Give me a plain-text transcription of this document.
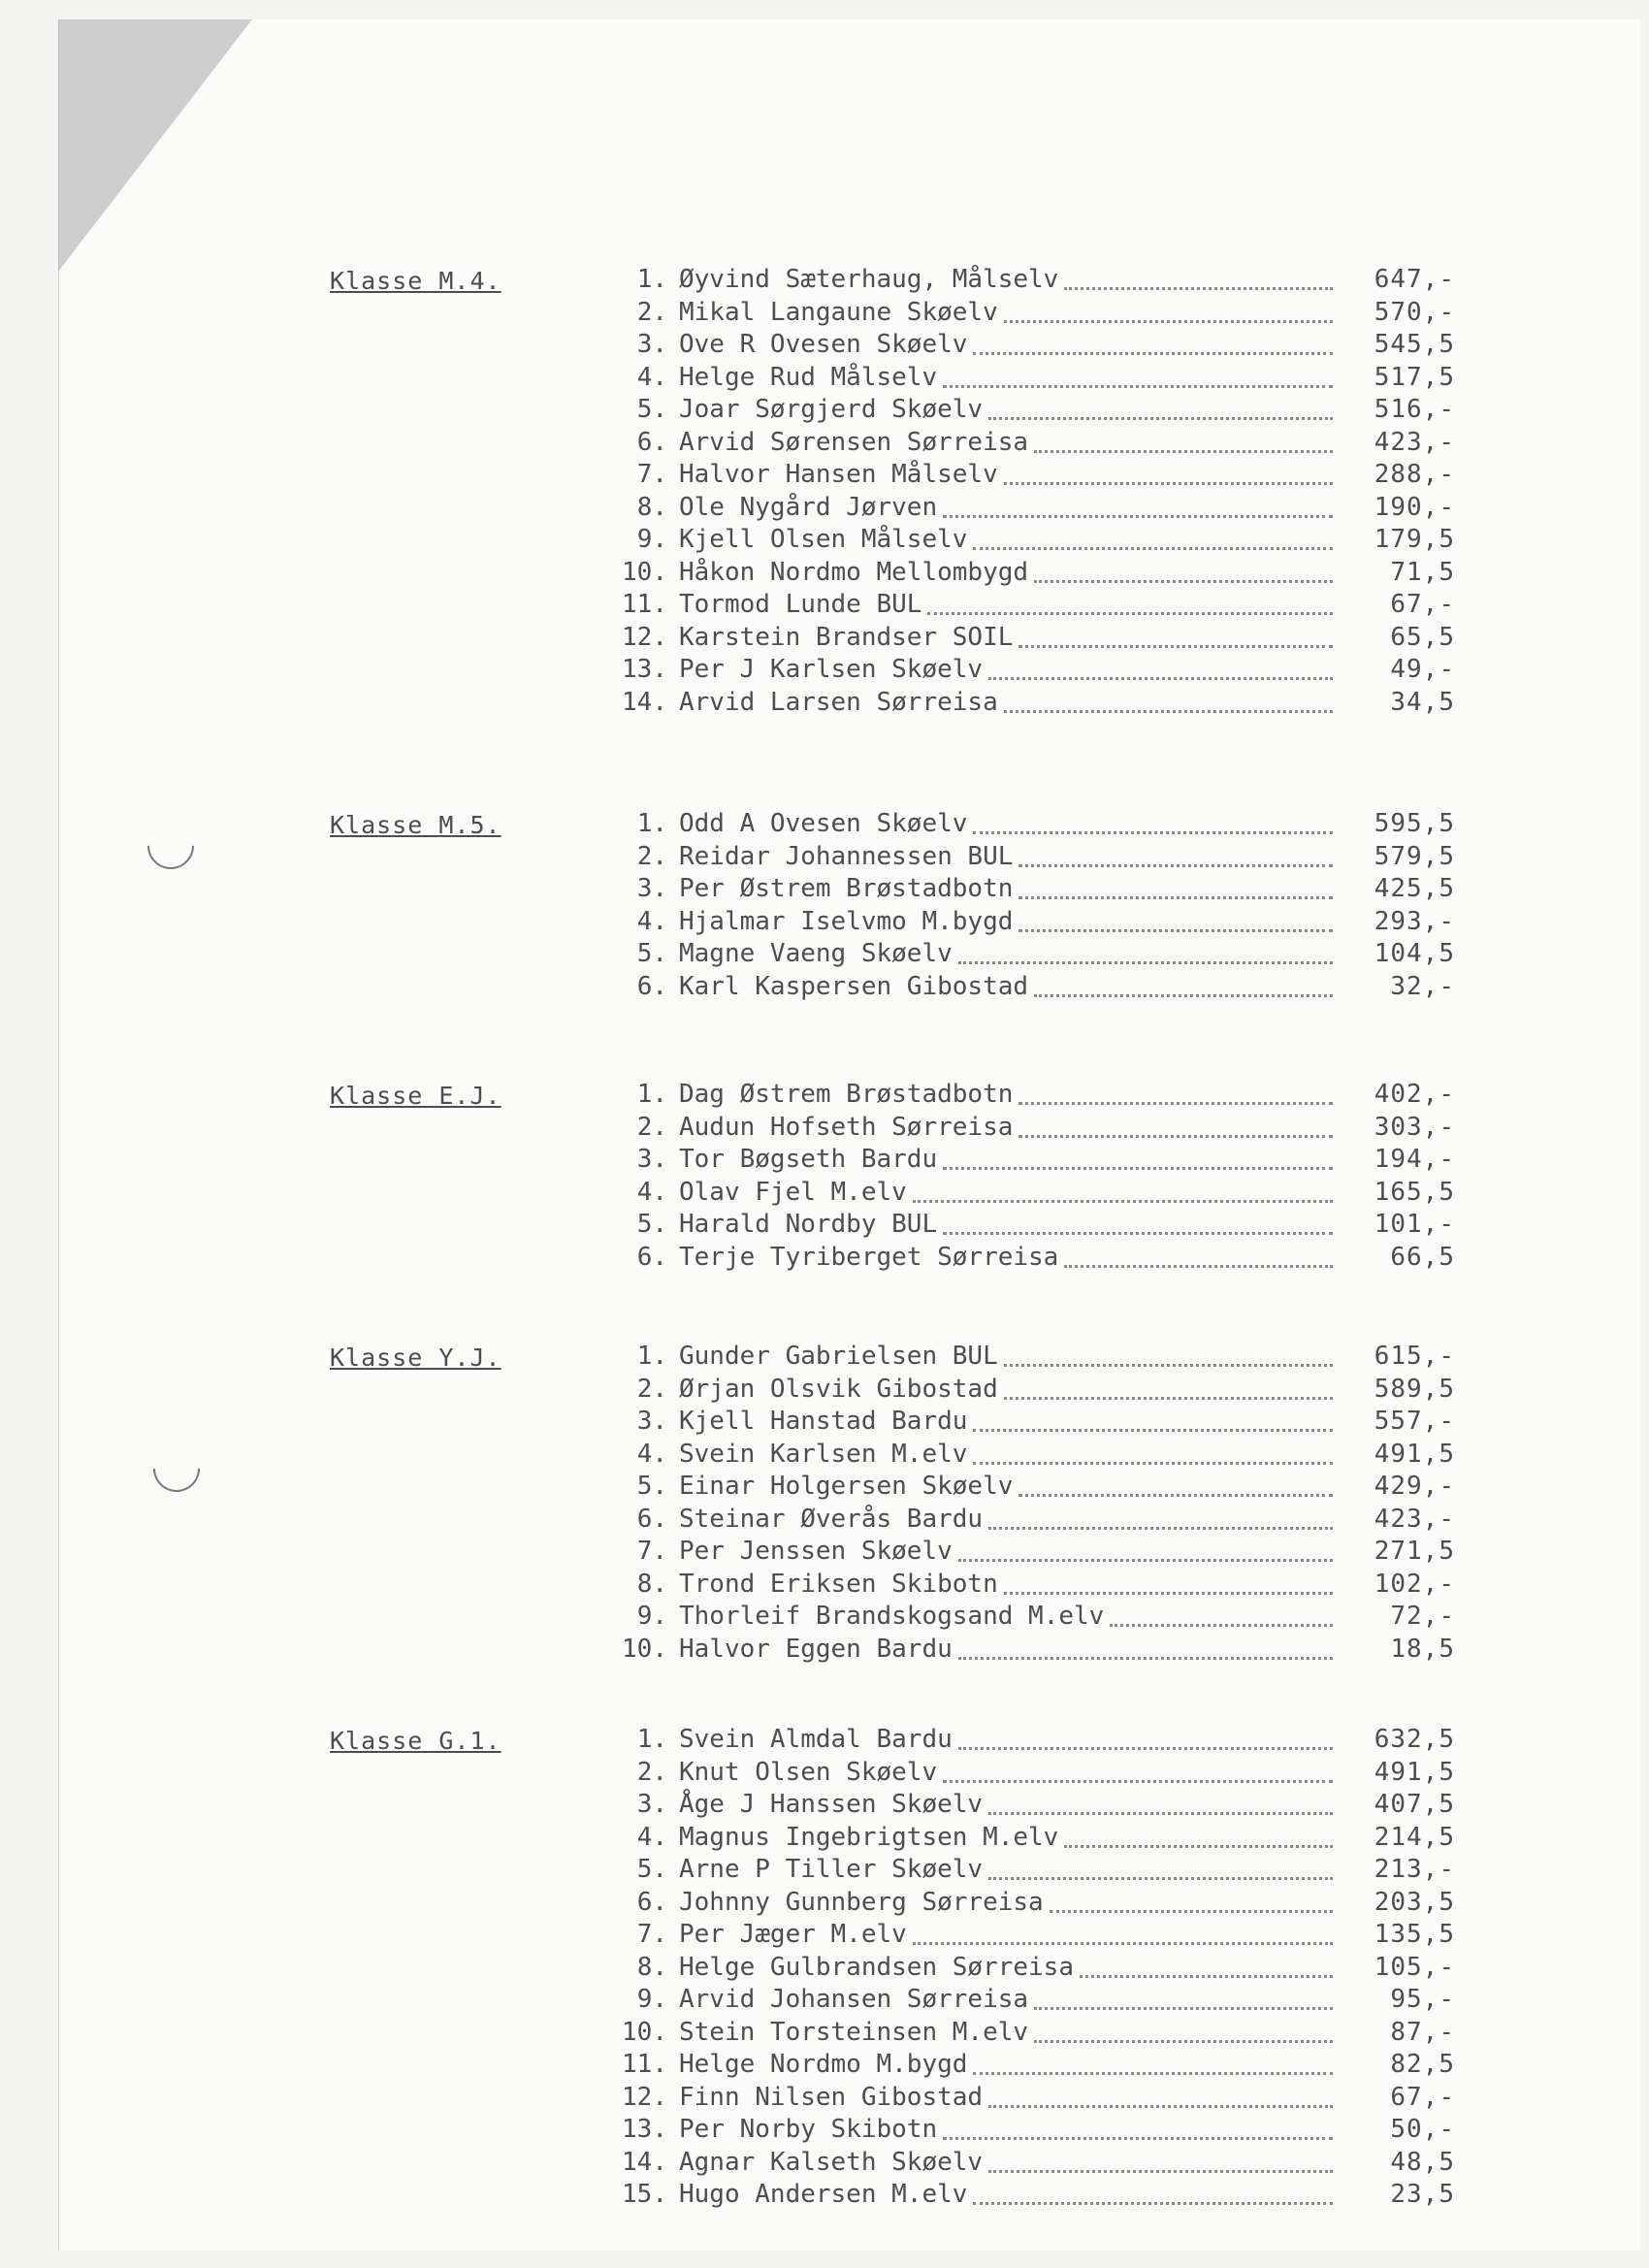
Klasse M.4.	1. Øyvind Sæterhaug, Målselv	647,-
2. Mikal Langaune Skøelv	570,-
3. Ove R Ovesen Skøelv	545,5
4. Helge Rud Målselv	517,5
5. Joar Sørgjerd Skøelv	516,-
6. Arvid Sørensen Sørreisa	423,-
7. Halvor Hansen Målselv	288,-
8. Ole Nygård Jørven	190,-
9. Kjell Olsen Målselv	179,5
10. Håkon Nordmo Mellombygd	71,5
11. Tormod Lunde BUL	67,-
12. Karstein Brandser SOIL	65,5
13. Per J Karlsen Skøelv	49,-
14. Arvid Larsen Sørreisa	34,5
Klasse M.5.	1. Odd A Ovesen Skøelv	595,5
2. Reidar Johannessen BUL	579,5
3. Per Østrem Brøstadbotn	425,5
4. Hjalmar Iselvmo M.bygd	293,-
5. Magne Vaeng Skøelv	104,5
6. Karl Kaspersen Gibostad	32,-
Klasse E.J.	1. Dag Østrem Brøstadbotn	402,-
2. Audun Hofseth Sørreisa	303,-
3. Tor Bøgseth Bardu	194,-
4. Olav Fjel M.elv	165,5
5. Harald Nordby BUL	101,-
6. Terje Tyriberget Sørreisa	66,5
Klasse Y.J.	1. Gunder Gabrielsen BUL	615,-
2. Ørjan Olsvik Gibostad	589,5
3. Kjell Hanstad Bardu	557,-
4. Svein Karlsen M.elv	491,5
5. Einar Holgersen Skøelv	429,-
6. Steinar Øverås Bardu	423,-
7. Per Jenssen Skøelv	271,5
8. Trond Eriksen Skibotn	102,-
9. Thorleif Brandskogsand M.elv	72,-
10. Halvor Eggen Bardu	18,5
Klasse G.1.	1. Svein Almdal Bardu	632,5
2. Knut Olsen Skøelv	491,5
3. Åge J Hanssen Skøelv	407,5
4. Magnus Ingebrigtsen M.elv	214,5
5. Arne P Tiller Skøelv	213,-
6. Johnny Gunnberg Sørreisa	203,5
7. Per Jæger M.elv	135,5
8. Helge Gulbrandsen Sørreisa	105,-
9. Arvid Johansen Sørreisa	95,-
10. Stein Torsteinsen M.elv	87,-
11. Helge Nordmo M.bygd	82,5
12. Finn Nilsen Gibostad	67,-
13. Per Norby Skibotn	50,-
14. Agnar Kalseth Skøelv	48,5
15. Hugo Andersen M.elv	23,5
